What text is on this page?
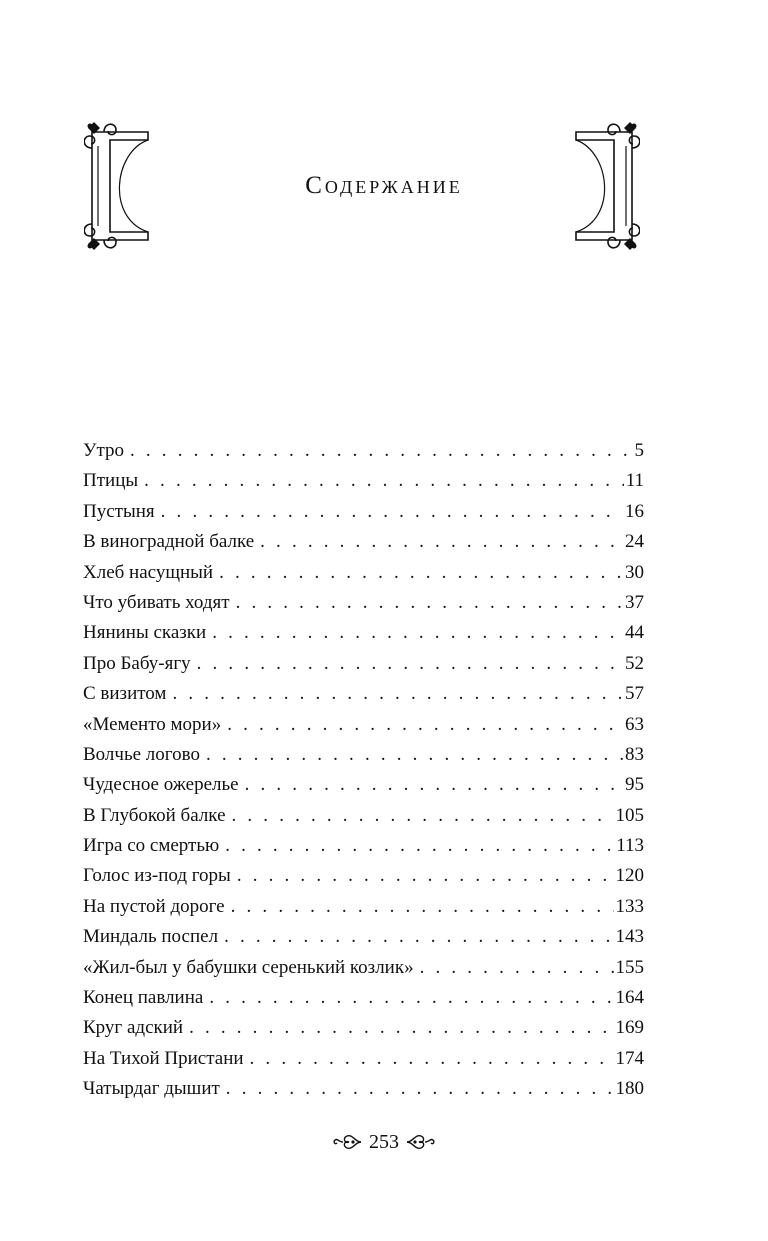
Содержание
Утро . . .	5
Птицы . . .	11
Пустыня . . .	16
В виноградной балке . . .	24
Хлеб насущный . . .	30
Что убивать ходят . . .	37
Нянины сказки . . .	44
Про Бабу-ягу . . .	52
С визитом . . .	57
«Мементо мори» . . .	63
Волчье логово . . .	83
Чудесное ожерелье . . .	95
В Глубокой балке . . .	105
Игра со смертью . . .	113
Голос из-под горы . . .	120
На пустой дороге . . .	133
Миндаль поспел . . .	143
«Жил-был у бабушки серенький козлик» . . .	155
Конец павлина . . .	164
Круг адский . . .	169
На Тихой Пристани . . .	174
Чатырдаг дышит . . .	180
253
